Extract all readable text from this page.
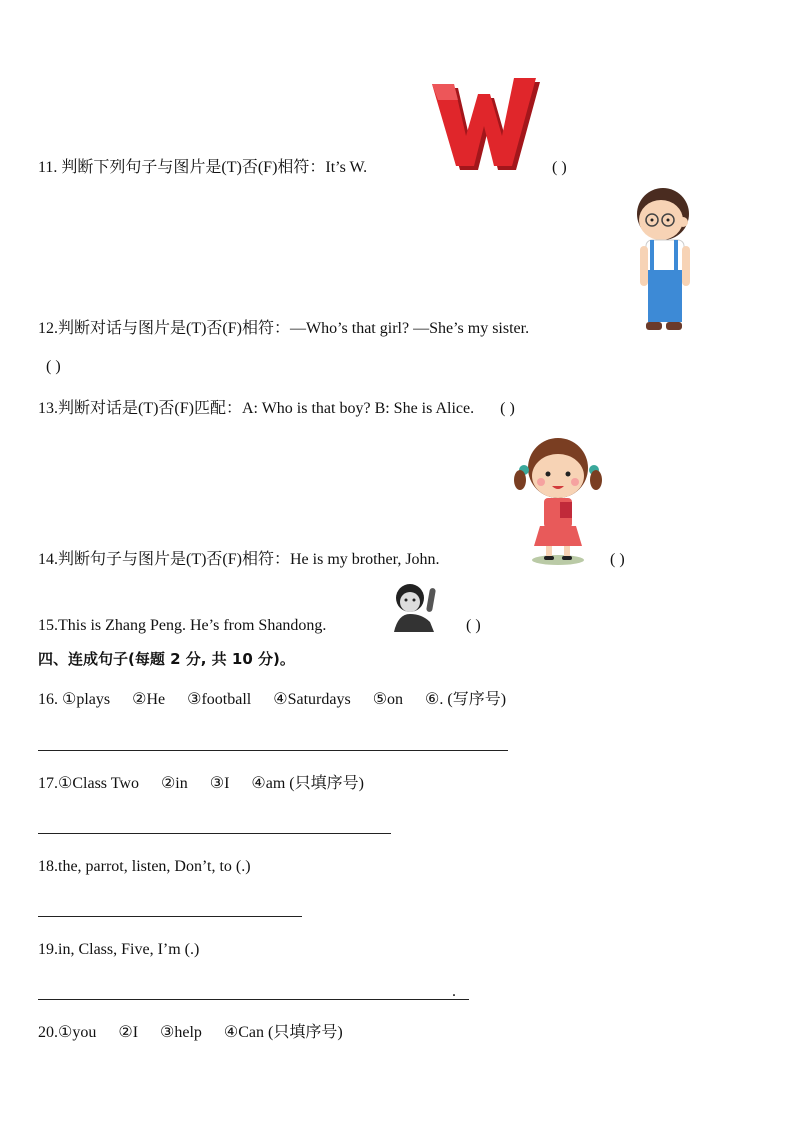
11. 判断下列句子与图片是(T)否(F)相符：It’s W.	( )
12.判断对话与图片是(T)否(F)相符：—Who’s that girl? —She’s my sister.
( )
13.判断对话是(T)否(F)匹配：A: Who is that boy? B: She is Alice. ( )
14.判断句子与图片是(T)否(F)相符：He is my brother, John.	( )
15.This is Zhang Peng. He’s from Shandong.	( )
四、连成句子(每题 2 分, 共 10 分)。
16. ①plays ②He ③football ④Saturdays ⑤on ⑥. (写序号)
17.①Class Two ②in ③I ④am (只填序号)
18.the, parrot, listen, Don’t, to (.)
19.in, Class, Five, I’m (.)
.
20.①you ②I ③help ④Can (只填序号)
